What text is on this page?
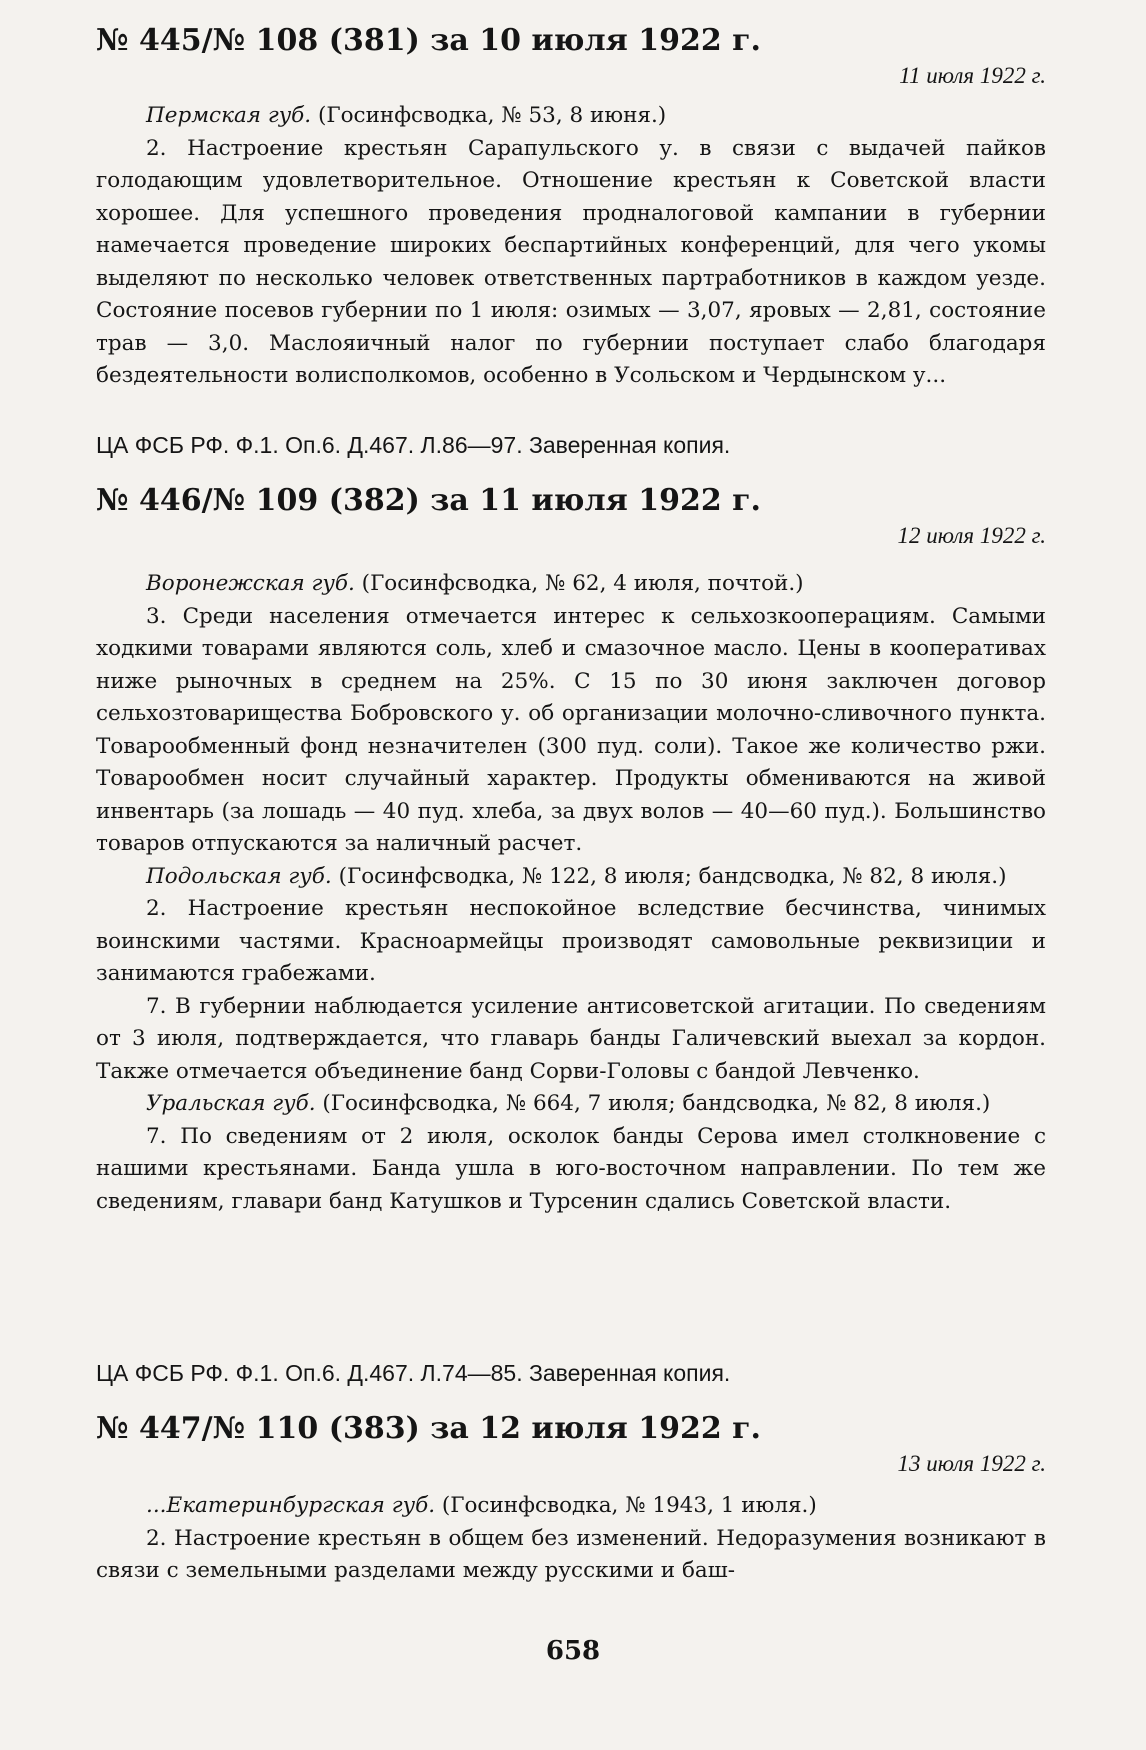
№ 445/№ 108 (381) за 10 июля 1922 г.

11 июля 1922 г.

Пермская губ. (Госинфсводка, № 53, 8 июня.)

2. Настроение крестьян Сарапульского у. в связи с выдачей пайков голодающим удовлетворительное. Отношение крестьян к Советской власти хорошее. Для успешного проведения продналоговой кампании в губернии намечается проведение широких беспартийных конференций, для чего укомы выделяют по несколько человек ответственных партработников в каждом уезде. Состояние посевов губернии по 1 июля: озимых — 3,07, яровых — 2,81, состояние трав — 3,0. Маслояичный налог по губернии поступает слабо благодаря бездеятельности волисполкомов, особенно в Усольском и Чердынском у...

ЦА ФСБ РФ. Ф.1. Оп.6. Д.467. Л.86—97. Заверенная копия.

№ 446/№ 109 (382) за 11 июля 1922 г.

12 июля 1922 г.

Воронежская губ. (Госинфсводка, № 62, 4 июля, почтой.)

3. Среди населения отмечается интерес к сельхозкооперациям. Самыми ходкими товарами являются соль, хлеб и смазочное масло. Цены в кооперативах ниже рыночных в среднем на 25%. С 15 по 30 июня заключен договор сельхозтоварищества Бобровского у. об организации молочно-сливочного пункта. Товарообменный фонд незначителен (300 пуд. соли). Такое же количество ржи. Товарообмен носит случайный характер. Продукты обмениваются на живой инвентарь (за лошадь — 40 пуд. хлеба, за двух волов — 40—60 пуд.). Большинство товаров отпускаются за наличный расчет.

Подольская губ. (Госинфсводка, № 122, 8 июля; бандсводка, № 82, 8 июля.)

2. Настроение крестьян неспокойное вследствие бесчинства, чинимых воинскими частями. Красноармейцы производят самовольные реквизиции и занимаются грабежами.

7. В губернии наблюдается усиление антисоветской агитации. По сведениям от 3 июля, подтверждается, что главарь банды Галичевский выехал за кордон. Также отмечается объединение банд Сорви-Головы с бандой Левченко.

Уральская губ. (Госинфсводка, № 664, 7 июля; бандсводка, № 82, 8 июля.)

7. По сведениям от 2 июля, осколок банды Серова имел столкновение с нашими крестьянами. Банда ушла в юго-восточном направлении. По тем же сведениям, главари банд Катушков и Турсенин сдались Советской власти.

ЦА ФСБ РФ. Ф.1. Оп.6. Д.467. Л.74—85. Заверенная копия.

№ 447/№ 110 (383) за 12 июля 1922 г.

13 июля 1922 г.

...Екатеринбургская губ. (Госинфсводка, № 1943, 1 июля.)

2. Настроение крестьян в общем без изменений. Недоразумения возникают в связи с земельными разделами между русскими и баш-

658
